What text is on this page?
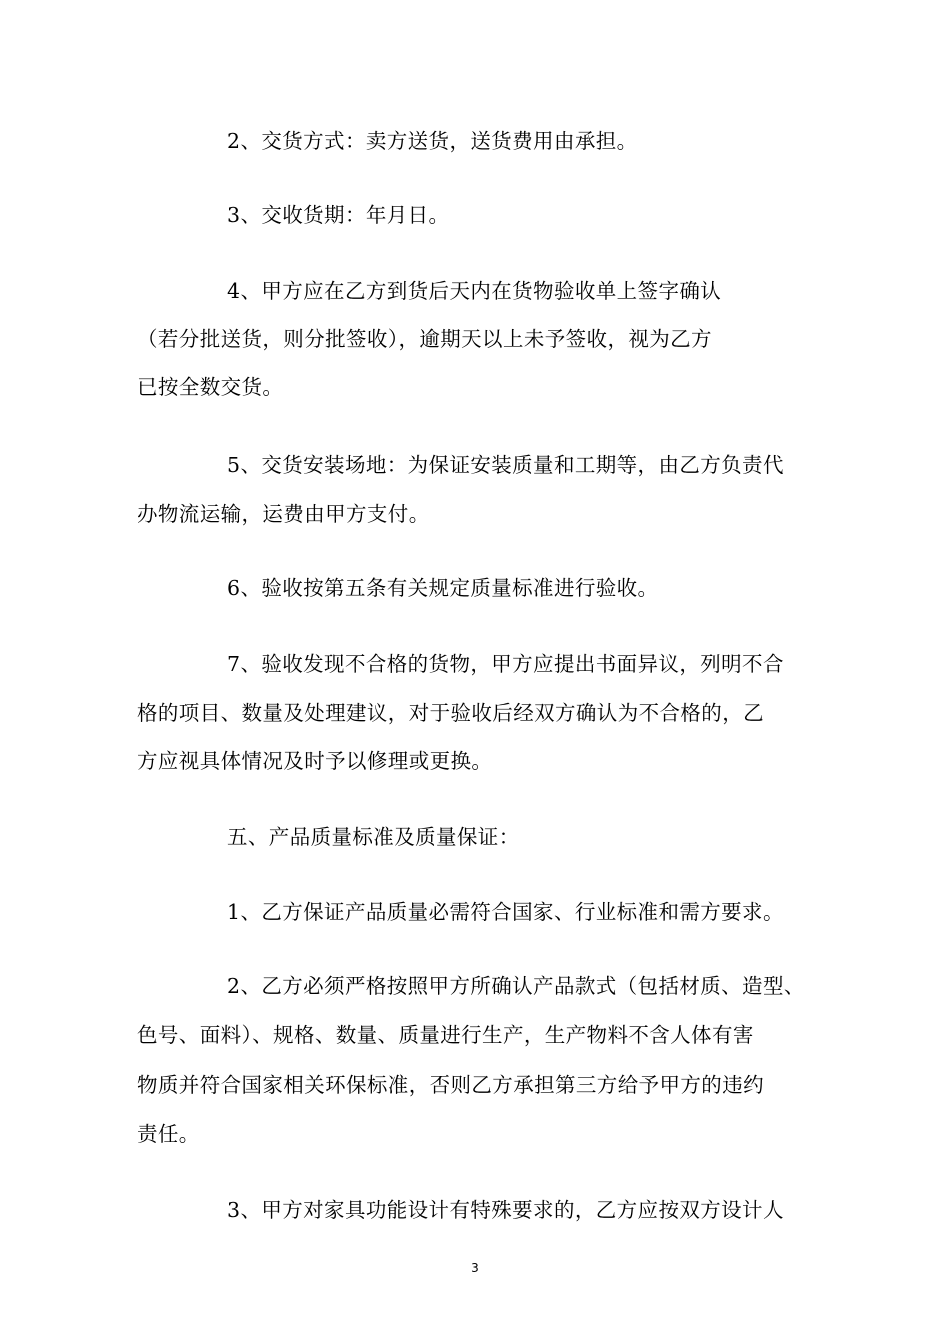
2、交货方式：卖方送货，送货费用由承担。
3、交收货期：年月日。
4、甲方应在乙方到货后天内在货物验收单上签字确认
（若分批送货，则分批签收），逾期天以上未予签收，视为乙方
已按全数交货。
5、交货安装场地：为保证安装质量和工期等，由乙方负责代
办物流运输，运费由甲方支付。
6、验收按第五条有关规定质量标准进行验收。
7、验收发现不合格的货物，甲方应提出书面异议，列明不合
格的项目、数量及处理建议，对于验收后经双方确认为不合格的，乙
方应视具体情况及时予以修理或更换。
五、产品质量标准及质量保证：
1、乙方保证产品质量必需符合国家、行业标准和需方要求。
2、乙方必须严格按照甲方所确认产品款式（包括材质、造型、
色号、面料）、规格、数量、质量进行生产，生产物料不含人体有害
物质并符合国家相关环保标准，否则乙方承担第三方给予甲方的违约
责任。
3、甲方对家具功能设计有特殊要求的，乙方应按双方设计人
3
